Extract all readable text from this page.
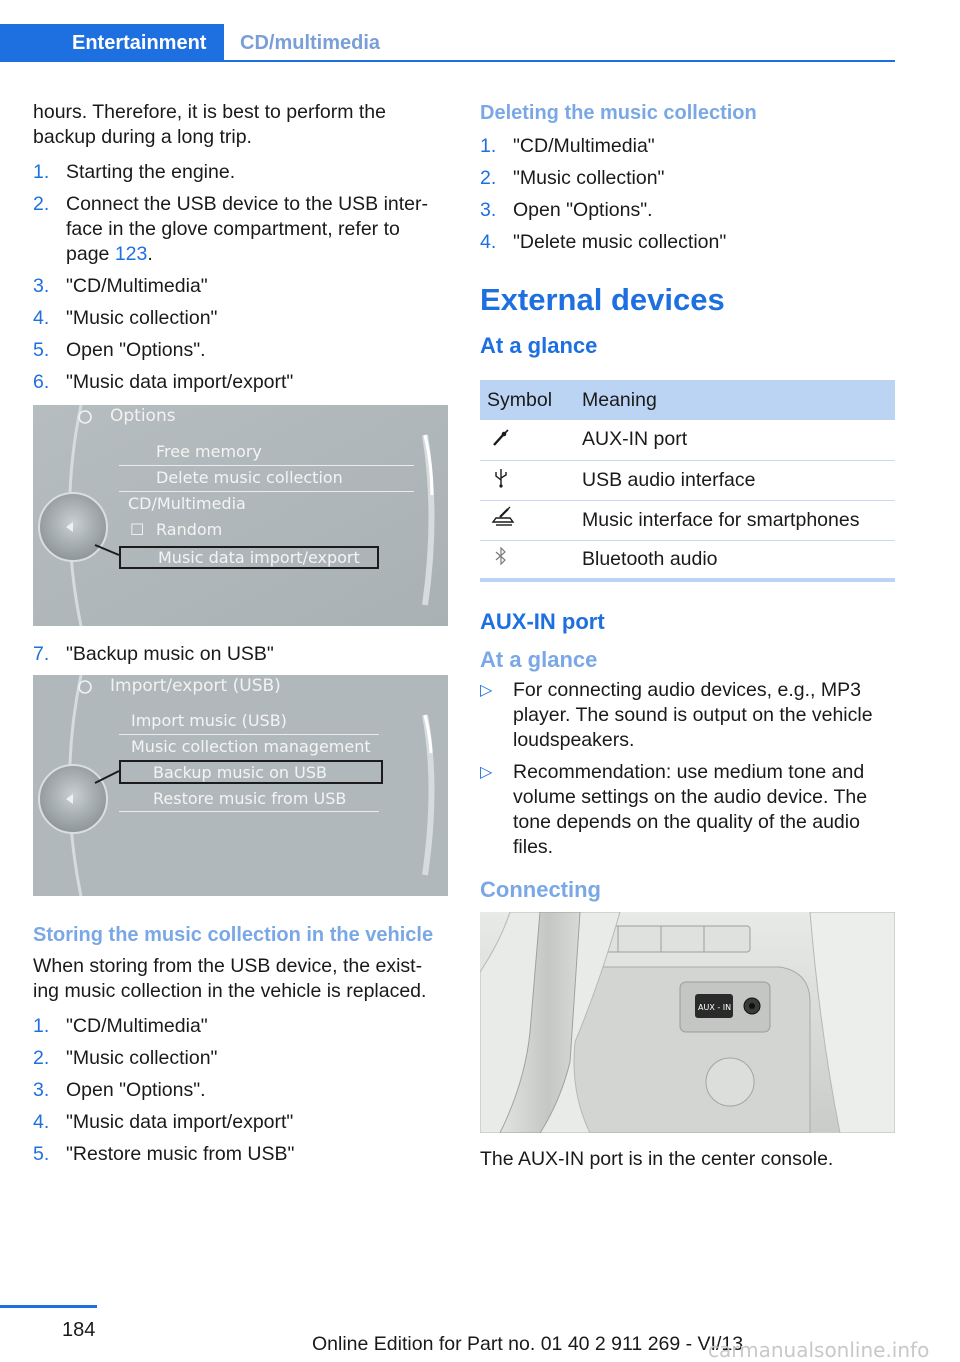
Entertainment	CD/multimedia

hours. Therefore, it is best to perform the backup during a long trip.

1. Starting the engine.
2. Connect the USB device to the USB inter‐face in the glove compartment, refer to page 123.
3. "CD/Multimedia"
4. "Music collection"
5. Open "Options".
6. "Music data import/export"
Options
Free memory
Delete music collection
CD/Multimedia
☐ Random
Music data import/export
7. "Backup music on USB"
Import/export (USB)
Import music (USB)
Music collection management
Backup music on USB
Restore music from USB
Storing the music collection in the vehicle

When storing from the USB device, the exist‐ing music collection in the vehicle is replaced.

1. "CD/Multimedia"
2. "Music collection"
3. Open "Options".
4. "Music data import/export"
5. "Restore music from USB"
Deleting the music collection
1. "CD/Multimedia"
2. "Music collection"
3. Open "Options".
4. "Delete music collection"
External devices
At a glance
Symbol	Meaning
	AUX-IN port
	USB audio interface
	Music interface for smartphones
	Bluetooth audio
AUX-IN port
At a glance
▷ For connecting audio devices, e.g., MP3 player. The sound is output on the vehicle loudspeakers.
▷ Recommendation: use medium tone and volume settings on the audio device. The tone depends on the quality of the audio files.
Connecting
AUX - IN

The AUX-IN port is in the center console.

184
Online Edition for Part no. 01 40 2 911 269 - VI/13
carmanualsonline.info
